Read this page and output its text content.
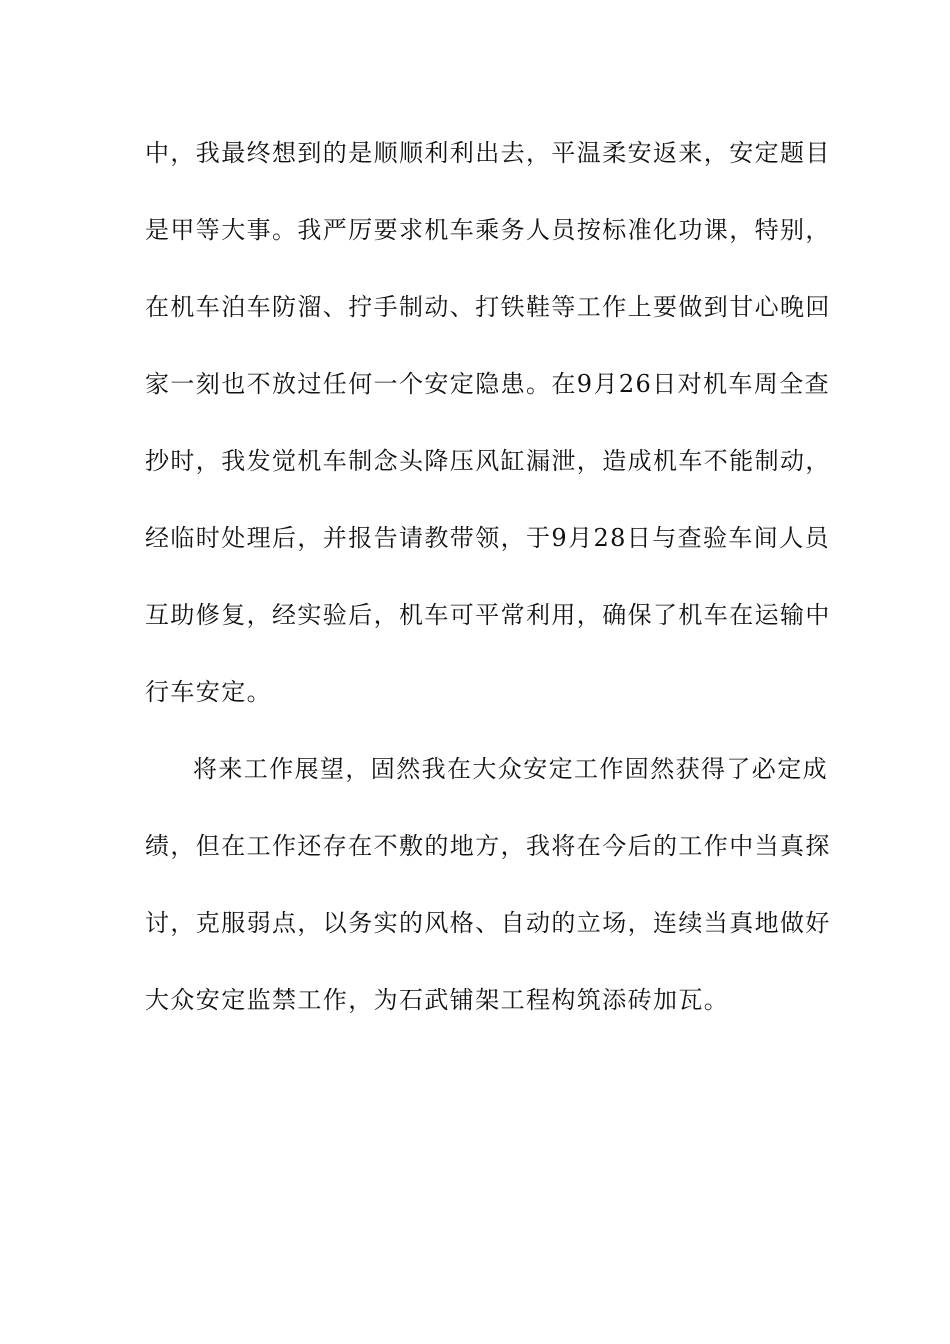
中，我最终想到的是顺顺利利出去，平温柔安返来，安定题目
是甲等大事。我严厉要求机车乘务人员按标准化功课，特别，
在机车泊车防溜、拧手制动、打铁鞋等工作上要做到甘心晚回
家一刻也不放过任何一个安定隐患。在9月26日对机车周全查
抄时，我发觉机车制念头降压风缸漏泄，造成机车不能制动，
经临时处理后，并报告请教带领，于9月28日与查验车间人员
互助修复，经实验后，机车可平常利用，确保了机车在运输中
行车安定。
将来工作展望，固然我在大众安定工作固然获得了必定成
绩，但在工作还存在不敷的地方，我将在今后的工作中当真探
讨，克服弱点，以务实的风格、自动的立场，连续当真地做好
大众安定监禁工作，为石武铺架工程构筑添砖加瓦。
